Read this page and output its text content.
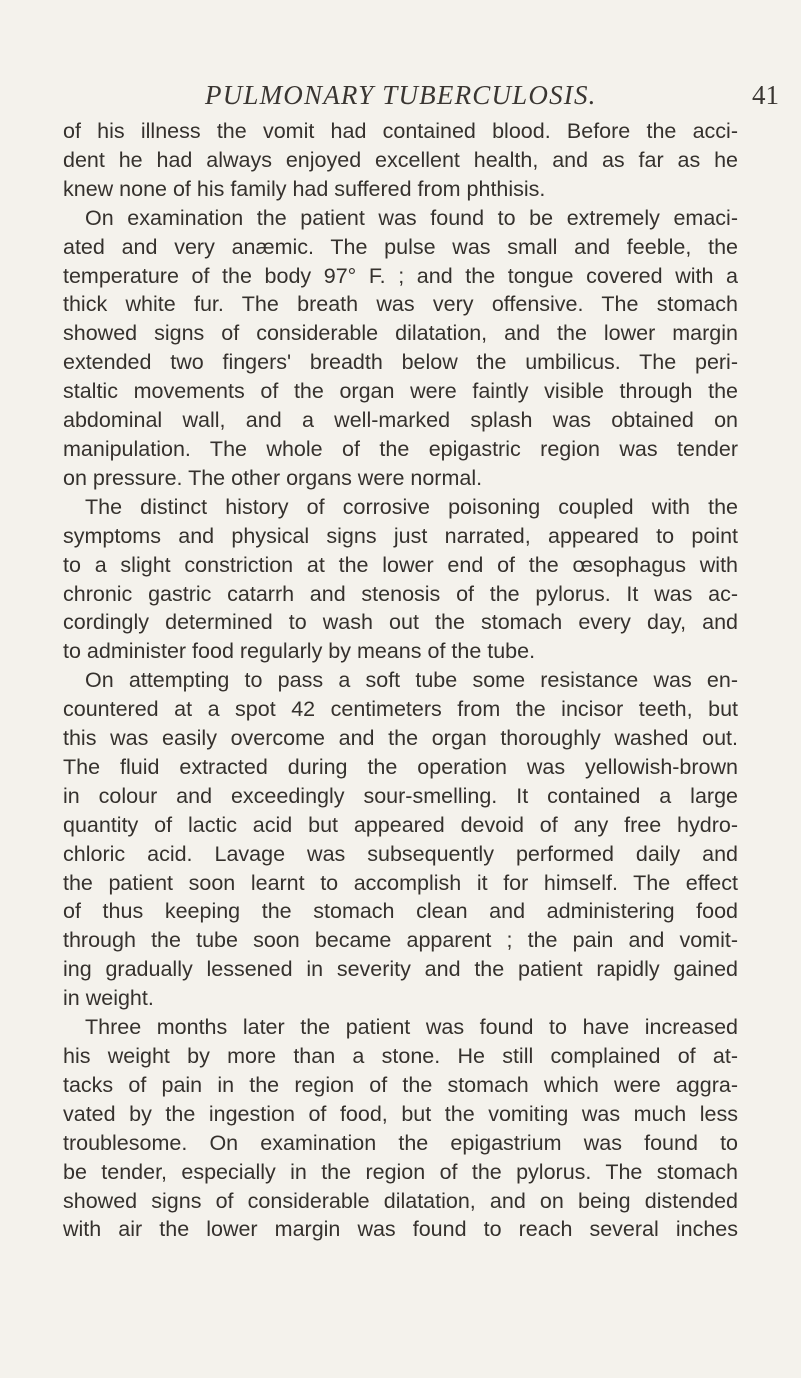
PULMONARY TUBERCULOSIS.	41

of his illness the vomit had contained blood. Before the acci-
dent he had always enjoyed excellent health, and as far as he
knew none of his family had suffered from phthisis.

On examination the patient was found to be extremely emaci-
ated and very anæmic. The pulse was small and feeble, the
temperature of the body 97° F. ; and the tongue covered with a
thick white fur. The breath was very offensive. The stomach
showed signs of considerable dilatation, and the lower margin
extended two fingers' breadth below the umbilicus. The peri-
staltic movements of the organ were faintly visible through the
abdominal wall, and a well-marked splash was obtained on
manipulation. The whole of the epigastric region was tender
on pressure. The other organs were normal.

The distinct history of corrosive poisoning coupled with the
symptoms and physical signs just narrated, appeared to point
to a slight constriction at the lower end of the œsophagus with
chronic gastric catarrh and stenosis of the pylorus. It was ac-
cordingly determined to wash out the stomach every day, and
to administer food regularly by means of the tube.

On attempting to pass a soft tube some resistance was en-
countered at a spot 42 centimeters from the incisor teeth, but
this was easily overcome and the organ thoroughly washed out.
The fluid extracted during the operation was yellowish-brown
in colour and exceedingly sour-smelling. It contained a large
quantity of lactic acid but appeared devoid of any free hydro-
chloric acid. Lavage was subsequently performed daily and
the patient soon learnt to accomplish it for himself. The effect
of thus keeping the stomach clean and administering food
through the tube soon became apparent ; the pain and vomit-
ing gradually lessened in severity and the patient rapidly gained
in weight.

Three months later the patient was found to have increased
his weight by more than a stone. He still complained of at-
tacks of pain in the region of the stomach which were aggra-
vated by the ingestion of food, but the vomiting was much less
troublesome. On examination the epigastrium was found to
be tender, especially in the region of the pylorus. The stomach
showed signs of considerable dilatation, and on being distended
with air the lower margin was found to reach several inches
